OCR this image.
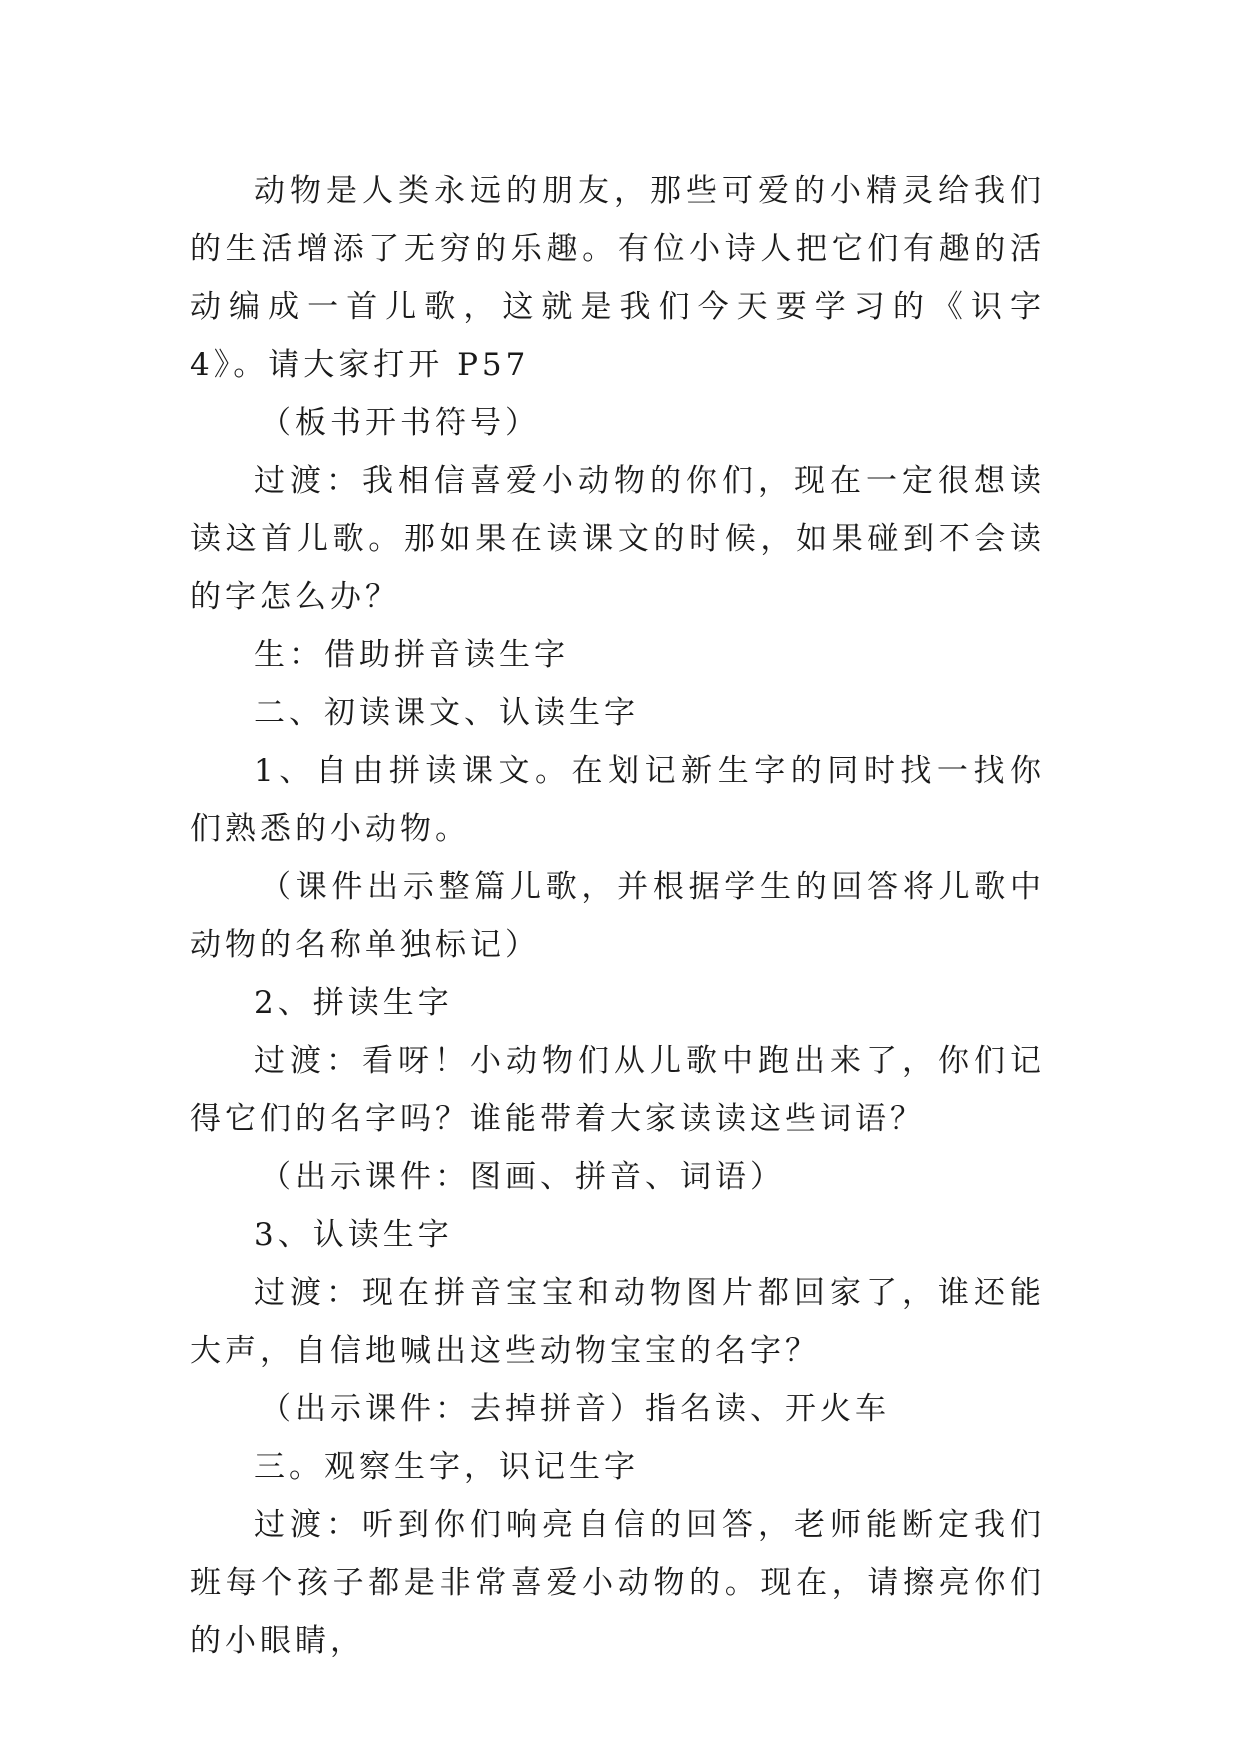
动物是人类永远的朋友，那些可爱的小精灵给我们的生活增添了无穷的乐趣。有位小诗人把它们有趣的活动编成一首儿歌，这就是我们今天要学习的《识字 4》。请大家打开 P57

（板书开书符号）

过渡：我相信喜爱小动物的你们，现在一定很想读读这首儿歌。那如果在读课文的时候，如果碰到不会读的字怎么办？

生：借助拼音读生字

二、初读课文、认读生字

1、自由拼读课文。在划记新生字的同时找一找你们熟悉的小动物。

（课件出示整篇儿歌，并根据学生的回答将儿歌中动物的名称单独标记）

2、拼读生字

过渡：看呀！小动物们从儿歌中跑出来了，你们记得它们的名字吗？谁能带着大家读读这些词语？

（出示课件：图画、拼音、词语）

3、认读生字

过渡：现在拼音宝宝和动物图片都回家了，谁还能大声，自信地喊出这些动物宝宝的名字？

（出示课件：去掉拼音）指名读、开火车

三。观察生字，识记生字

过渡：听到你们响亮自信的回答，老师能断定我们班每个孩子都是非常喜爱小动物的。现在，请擦亮你们的小眼睛，
